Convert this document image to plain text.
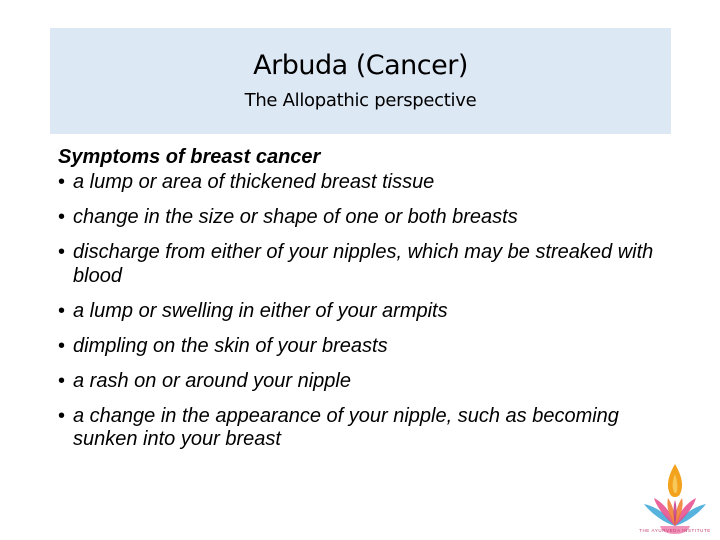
Arbuda (Cancer)
The Allopathic perspective
Symptoms of breast cancer
• a lump or area of thickened breast tissue
• change in the size or shape of one or both breasts
• discharge from either of your nipples, which may be streaked with blood
• a lump or swelling in either of your armpits
• dimpling on the skin of your breasts
• a rash on or around your nipple
• a change in the appearance of your nipple, such as becoming sunken into your breast
THE AYURVEDA INSTITUTE
